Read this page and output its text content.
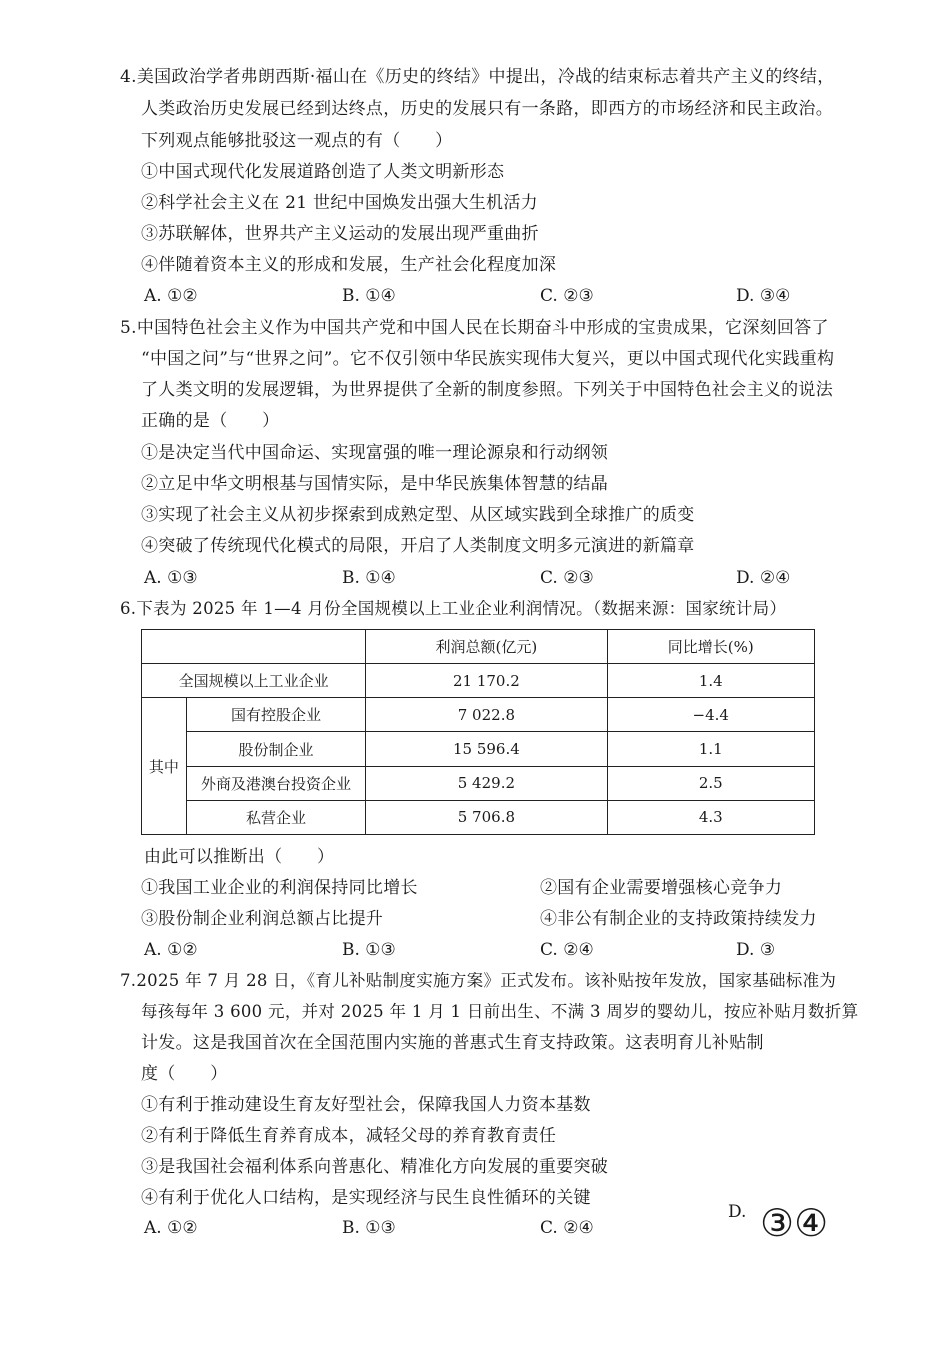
4.美国政治学者弗朗西斯·福山在《历史的终结》中提出，冷战的结束标志着共产主义的终结，
人类政治历史发展已经到达终点，历史的发展只有一条路，即西方的市场经济和民主政治。
下列观点能够批驳这一观点的有（　　）
①中国式现代化发展道路创造了人类文明新形态
②科学社会主义在 21 世纪中国焕发出强大生机活力
③苏联解体，世界共产主义运动的发展出现严重曲折
④伴随着资本主义的形成和发展，生产社会化程度加深
A. ①②	B. ①④	C. ②③	D. ③④
5.中国特色社会主义作为中国共产党和中国人民在长期奋斗中形成的宝贵成果，它深刻回答了
“中国之问”与“世界之问”。它不仅引领中华民族实现伟大复兴，更以中国式现代化实践重构
了人类文明的发展逻辑，为世界提供了全新的制度参照。下列关于中国特色社会主义的说法
正确的是（　　）
①是决定当代中国命运、实现富强的唯一理论源泉和行动纲领
②立足中华文明根基与国情实际，是中华民族集体智慧的结晶
③实现了社会主义从初步探索到成熟定型、从区域实践到全球推广的质变
④突破了传统现代化模式的局限，开启了人类制度文明多元演进的新篇章
A. ①③	B. ①④	C. ②③	D. ②④
6.下表为 2025 年 1—4 月份全国规模以上工业企业利润情况。（数据来源：国家统计局）
		利润总额(亿元)	同比增长(%)
全国规模以上工业企业		21 170.2	1.4
其中	国有控股企业	7 022.8	−4.4
	股份制企业	15 596.4	1.1
	外商及港澳台投资企业	5 429.2	2.5
	私营企业	5 706.8	4.3
由此可以推断出（　　）
①我国工业企业的利润保持同比增长	②国有企业需要增强核心竞争力
③股份制企业利润总额占比提升	④非公有制企业的支持政策持续发力
A. ①②	B. ①③	C. ②④	D. ③
7.2025 年 7 月 28 日，《育儿补贴制度实施方案》正式发布。该补贴按年发放，国家基础标准为
每孩每年 3 600 元，并对 2025 年 1 月 1 日前出生、不满 3 周岁的婴幼儿，按应补贴月数折算
计发。这是我国首次在全国范围内实施的普惠式生育支持政策。这表明育儿补贴制
度（　　）
①有利于推动建设生育友好型社会，保障我国人力资本基数
②有利于降低生育养育成本，减轻父母的养育教育责任
③是我国社会福利体系向普惠化、精准化方向发展的重要突破
④有利于优化人口结构，是实现经济与民生良性循环的关键
A. ①②	B. ①③	C. ②④
D. ③④
